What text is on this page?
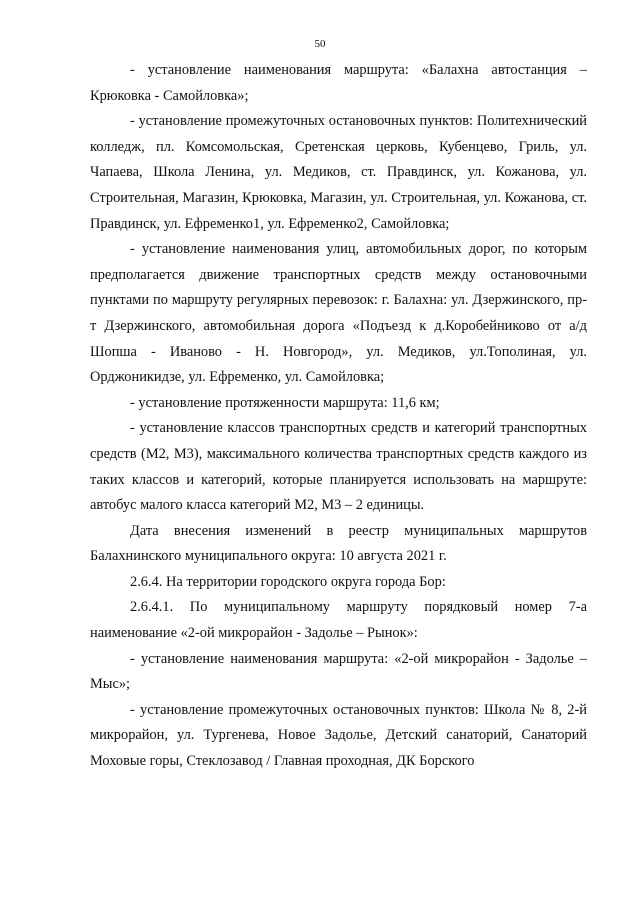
50

- установление наименования маршрута: «Балахна автостанция – Крюковка - Самойловка»;

- установление промежуточных остановочных пунктов: Политехнический колледж, пл. Комсомольская, Сретенская церковь, Кубенцево, Гриль, ул. Чапаева, Школа Ленина, ул. Медиков, ст. Правдинск, ул. Кожанова, ул. Строительная, Магазин, Крюковка, Магазин, ул. Строительная, ул. Кожанова, ст. Правдинск, ул. Ефременко1, ул. Ефременко2, Самойловка;

- установление наименования улиц, автомобильных дорог, по которым предполагается движение транспортных средств между остановочными пунктами по маршруту регулярных перевозок: г. Балахна: ул. Дзержинского, пр-т Дзержинского, автомобильная дорога «Подъезд к д.Коробейниково от а/д Шопша - Иваново - Н. Новгород», ул. Медиков, ул.Тополиная, ул. Орджоникидзе, ул. Ефременко, ул. Самойловка;

- установление протяженности маршрута: 11,6 км;

- установление классов транспортных средств и категорий транспортных средств (М2, М3), максимального количества транспортных средств каждого из таких классов и категорий, которые планируется использовать на маршруте: автобус малого класса категорий М2, М3 – 2 единицы.

Дата внесения изменений в реестр муниципальных маршрутов Балахнинского муниципального округа: 10 августа 2021 г.

2.6.4. На территории городского округа города Бор:

2.6.4.1. По муниципальному маршруту порядковый номер 7-а наименование «2-ой микрорайон - Задолье – Рынок»:

- установление наименования маршрута: «2-ой микрорайон - Задолье – Мыс»;

- установление промежуточных остановочных пунктов: Школа № 8, 2-й микрорайон, ул. Тургенева, Новое Задолье, Детский санаторий, Санаторий Моховые горы, Стеклозавод / Главная проходная, ДК Борского
